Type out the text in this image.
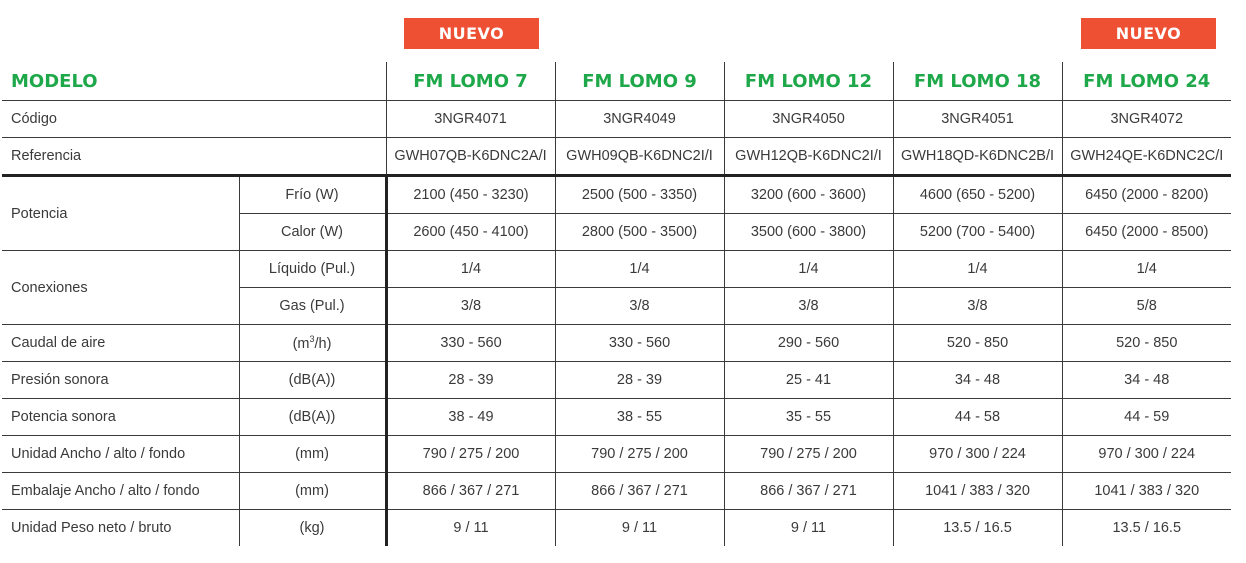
NUEVO	NUEVO
MODELO		FM LOMO 7	FM LOMO 9	FM LOMO 12	FM LOMO 18	FM LOMO 24
Código		3NGR4071	3NGR4049	3NGR4050	3NGR4051	3NGR4072
Referencia		GWH07QB-K6DNC2A/I	GWH09QB-K6DNC2I/I	GWH12QB-K6DNC2I/I	GWH18QD-K6DNC2B/I	GWH24QE-K6DNC2C/I
Potencia	Frío (W)	2100 (450 - 3230)	2500 (500 - 3350)	3200 (600 - 3600)	4600 (650 - 5200)	6450 (2000 - 8200)
	Calor (W)	2600 (450 - 4100)	2800 (500 - 3500)	3500 (600 - 3800)	5200 (700 - 5400)	6450 (2000 - 8500)
Conexiones	Líquido (Pul.)	1/4	1/4	1/4	1/4	1/4
	Gas (Pul.)	3/8	3/8	3/8	3/8	5/8
Caudal de aire	$(m^3/h)$	330 - 560	330 - 560	290 - 560	520 - 850	520 - 850
Presión sonora	(dB(A))	28 - 39	28 - 39	25 - 41	34 - 48	34 - 48
Potencia sonora	(dB(A))	38 - 49	38 - 55	35 - 55	44 - 58	44 - 59
Unidad Ancho / alto / fondo	(mm)	790 / 275 / 200	790 / 275 / 200	790 / 275 / 200	970 / 300 / 224	970 / 300 / 224
Embalaje Ancho / alto / fondo	(mm)	866 / 367 / 271	866 / 367 / 271	866 / 367 / 271	1041 / 383 / 320	1041 / 383 / 320
Unidad Peso neto / bruto	(kg)	9 / 11	9 / 11	9 / 11	13.5 / 16.5	13.5 / 16.5
